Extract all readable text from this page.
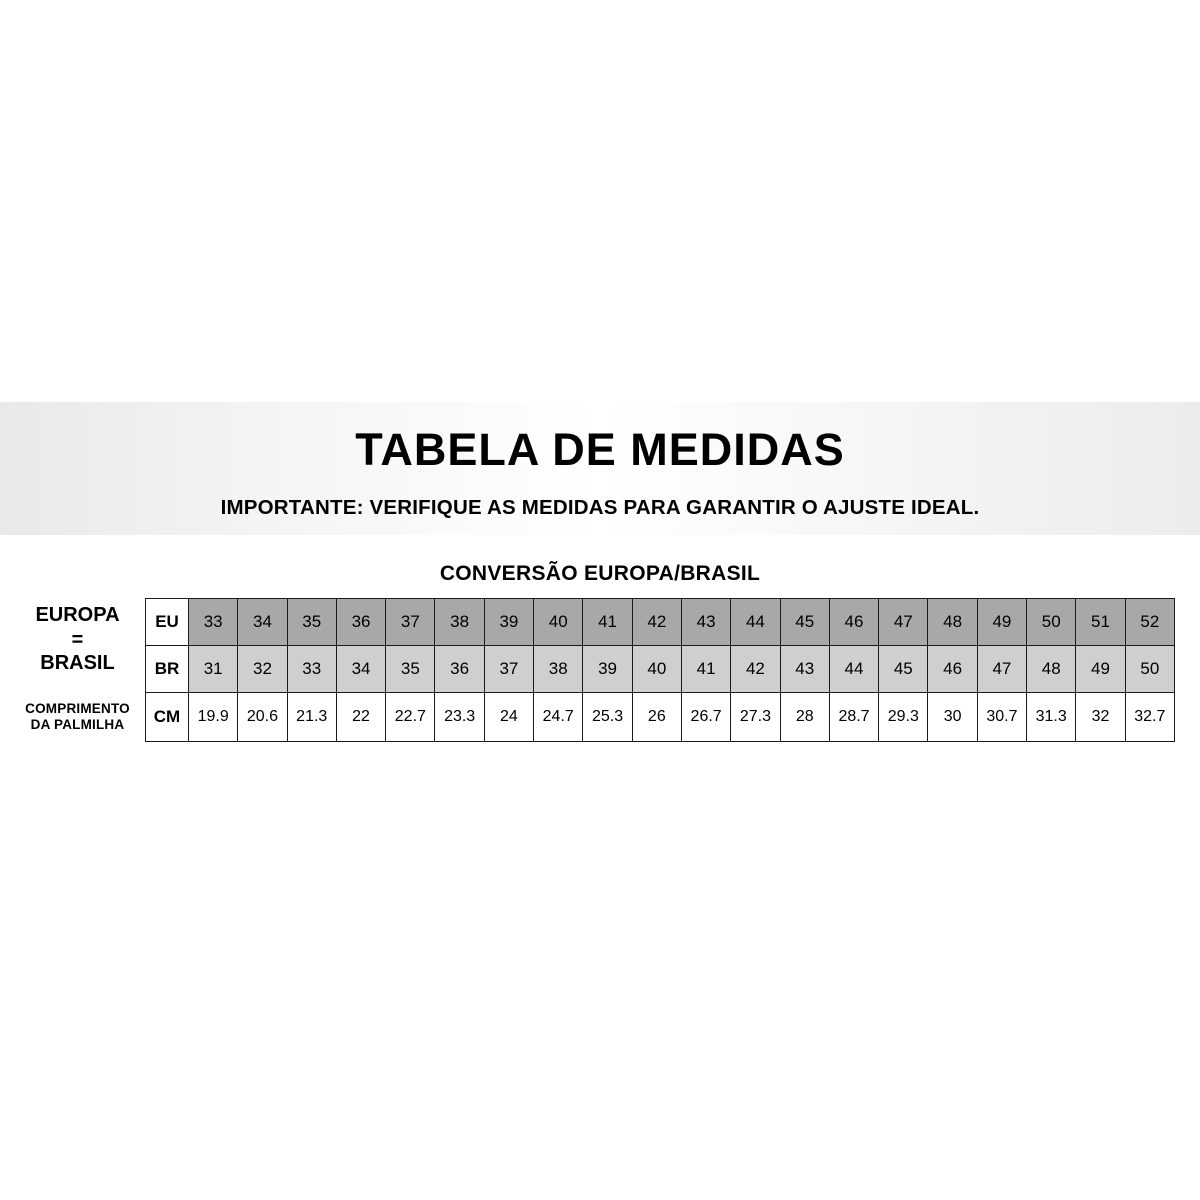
TABELA DE MEDIDAS
IMPORTANTE: VERIFIQUE AS MEDIDAS PARA GARANTIR O AJUSTE IDEAL.
CONVERSÃO EUROPA/BRASIL
EUROPA
=
BRASIL
COMPRIMENTO
DA PALMILHA
EU	33	34	35	36	37	38	39	40	41	42	43	44	45	46	47	48	49	50	51	52
BR	31	32	33	34	35	36	37	38	39	40	41	42	43	44	45	46	47	48	49	50
CM	19.9	20.6	21.3	22	22.7	23.3	24	24.7	25.3	26	26.7	27.3	28	28.7	29.3	30	30.7	31.3	32	32.7
